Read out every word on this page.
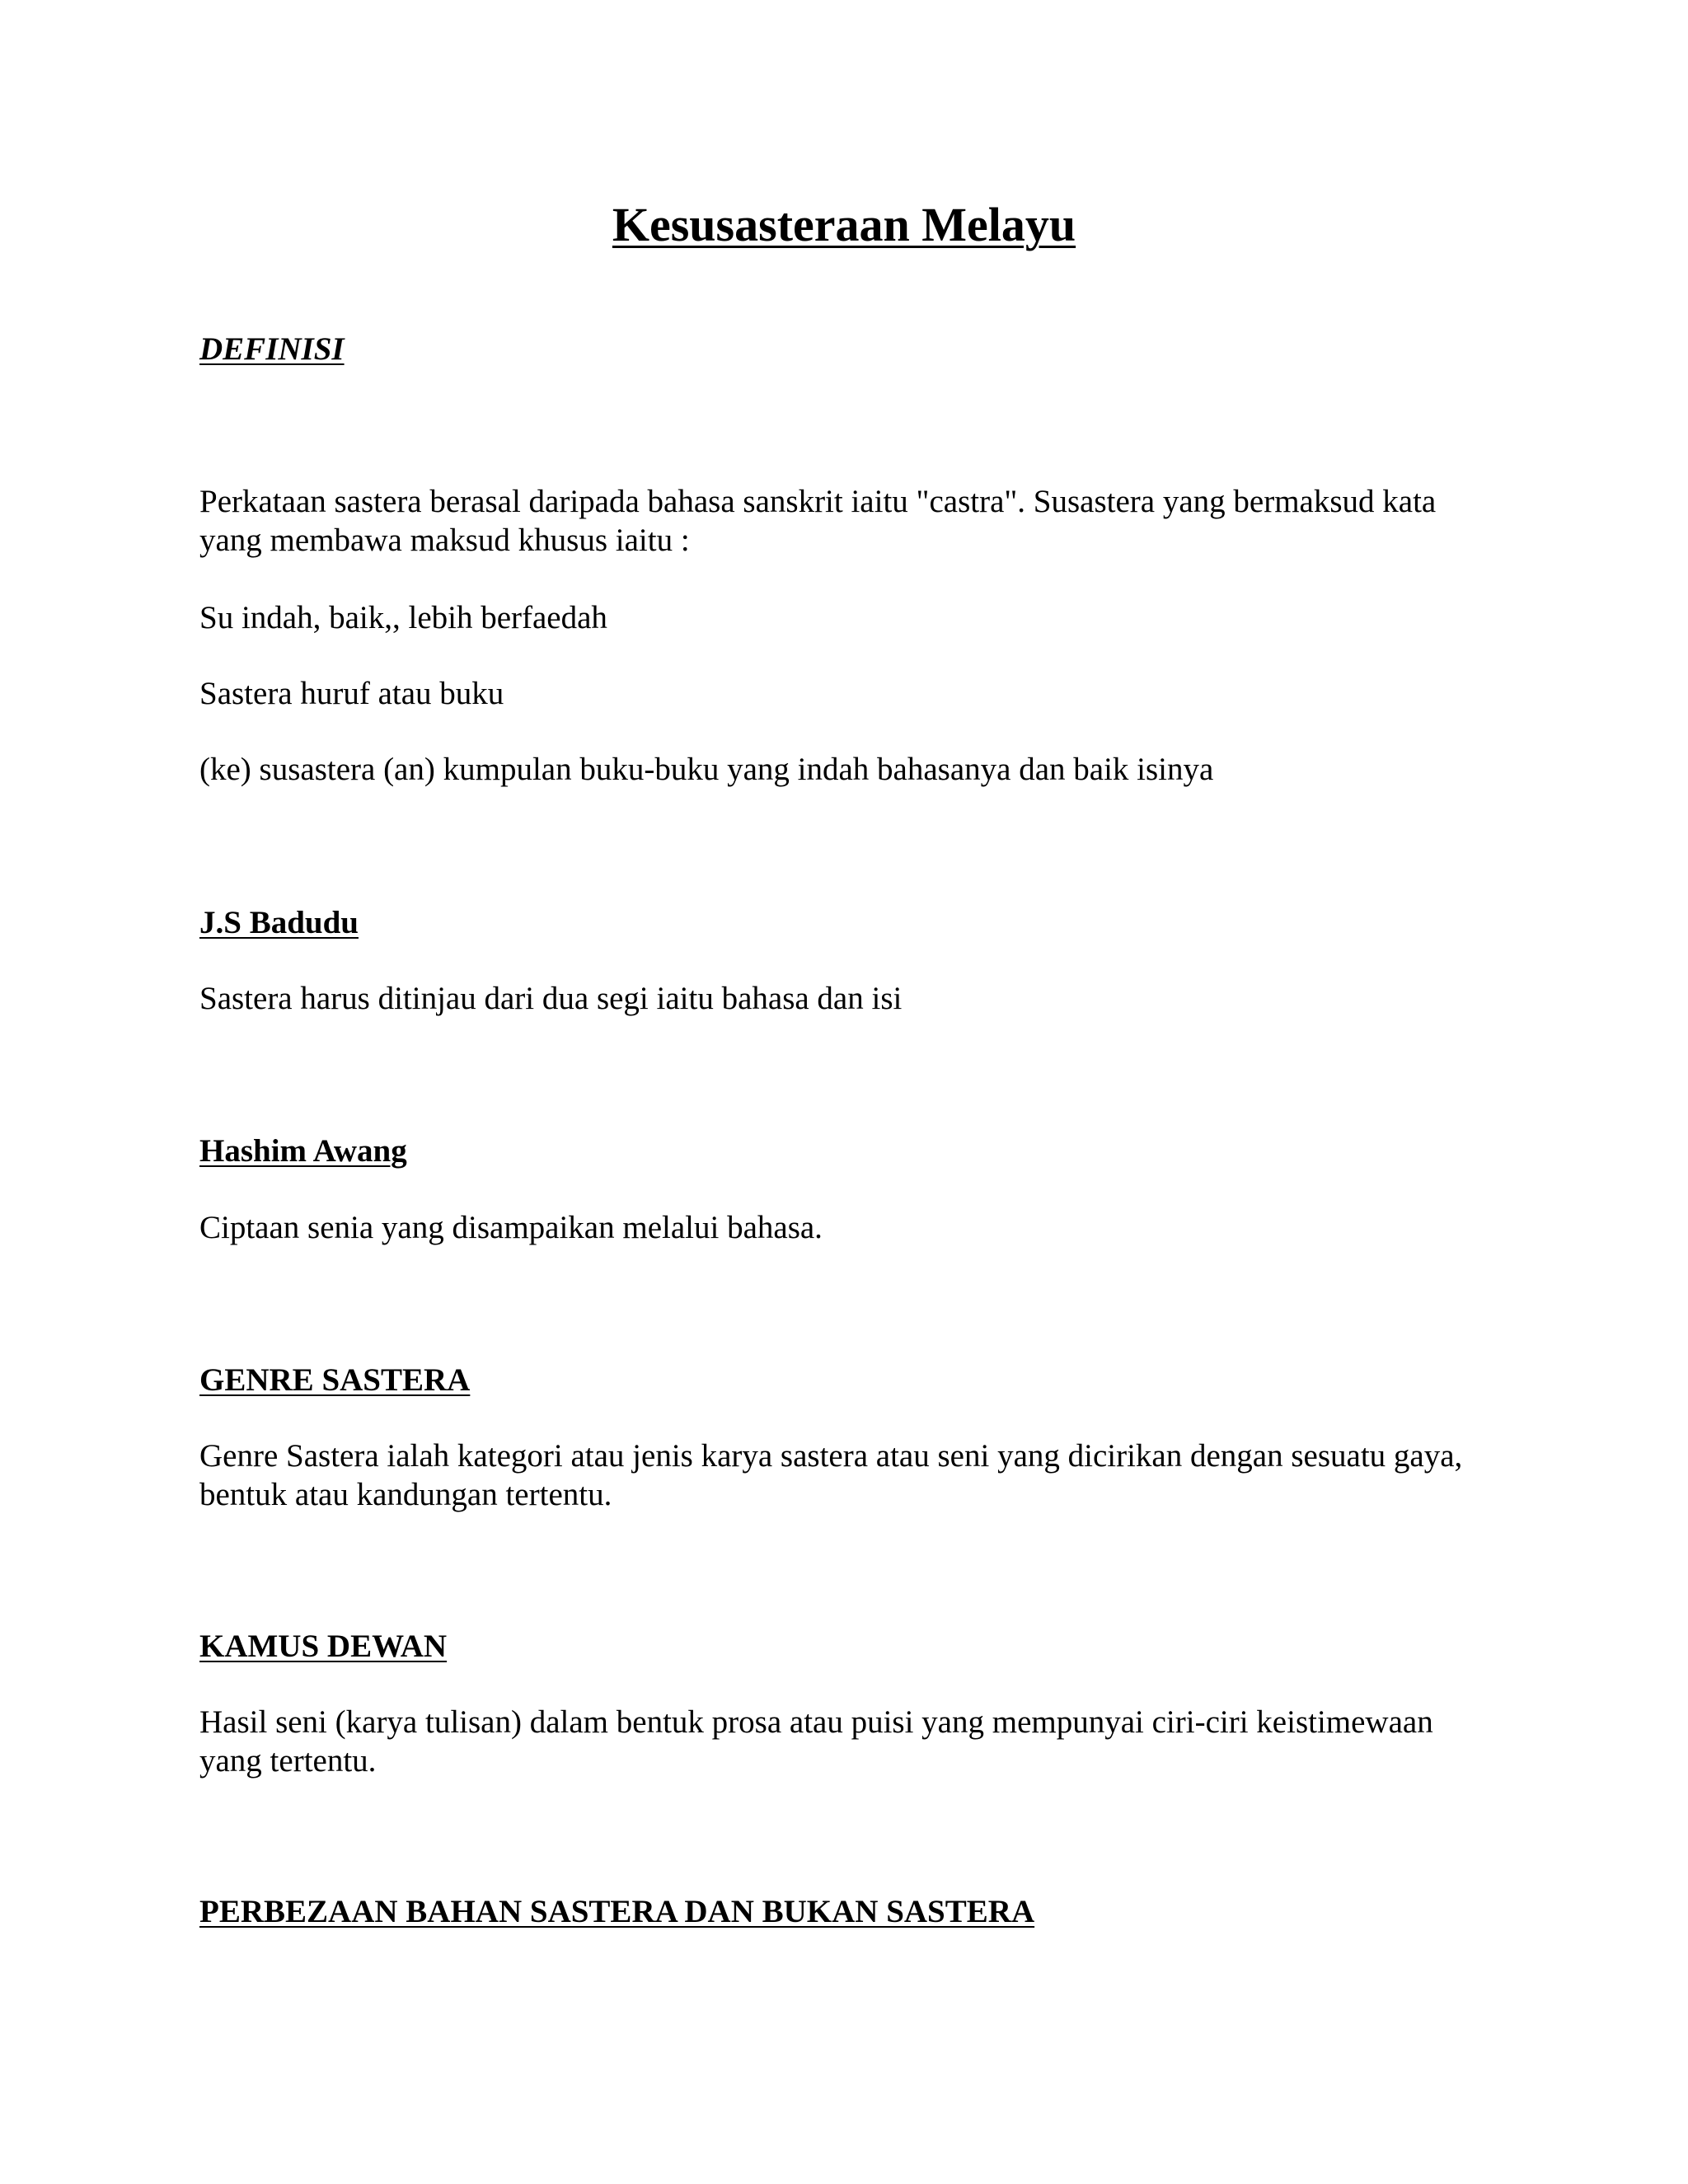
Kesusasteraan Melayu
DEFINISI

Perkataan sastera berasal daripada bahasa sanskrit iaitu "castra". Susastera yang bermaksud kata yang membawa maksud khusus iaitu :

Su indah, baik,, lebih berfaedah

Sastera huruf atau buku

(ke) susastera (an) kumpulan buku-buku yang indah bahasanya dan baik isinya

J.S Badudu

Sastera harus ditinjau dari dua segi iaitu bahasa dan isi

Hashim Awang

Ciptaan senia yang disampaikan melalui bahasa.

GENRE SASTERA

Genre Sastera ialah kategori atau jenis karya sastera atau seni yang dicirikan dengan sesuatu gaya, bentuk atau kandungan tertentu.

KAMUS DEWAN

Hasil seni (karya tulisan) dalam bentuk prosa atau puisi yang mempunyai ciri-ciri keistimewaan yang tertentu.

PERBEZAAN BAHAN SASTERA DAN BUKAN SASTERA
